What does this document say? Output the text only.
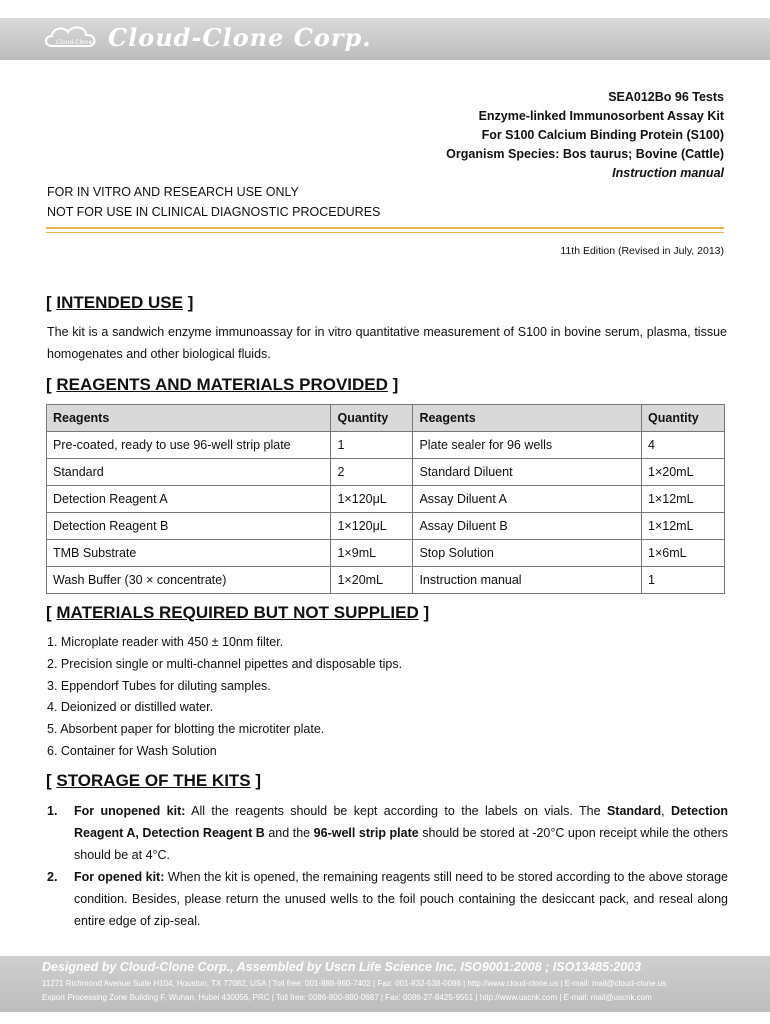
Cloud-Clone Cloud-Clone Corp.
SEA012Bo 96 Tests
Enzyme-linked Immunosorbent Assay Kit
For S100 Calcium Binding Protein (S100)
Organism Species: Bos taurus; Bovine (Cattle)
Instruction manual
FOR IN VITRO AND RESEARCH USE ONLY
NOT FOR USE IN CLINICAL DIAGNOSTIC PROCEDURES
11th Edition (Revised in July, 2013)
[ INTENDED USE ]
The kit is a sandwich enzyme immunoassay for in vitro quantitative measurement of S100 in bovine serum, plasma, tissue homogenates and other biological fluids.
[ REAGENTS AND MATERIALS PROVIDED ]
Reagents	Quantity	Reagents	Quantity
Pre-coated, ready to use 96-well strip plate	1	Plate sealer for 96 wells	4
Standard	2	Standard Diluent	1×20mL
Detection Reagent A	1×120μL	Assay Diluent A	1×12mL
Detection Reagent B	1×120μL	Assay Diluent B	1×12mL
TMB Substrate	1×9mL	Stop Solution	1×6mL
Wash Buffer (30 × concentrate)	1×20mL	Instruction manual	1
[ MATERIALS REQUIRED BUT NOT SUPPLIED ]
1. Microplate reader with 450 ± 10nm filter.
2. Precision single or multi-channel pipettes and disposable tips.
3. Eppendorf Tubes for diluting samples.
4. Deionized or distilled water.
5. Absorbent paper for blotting the microtiter plate.
6. Container for Wash Solution
[ STORAGE OF THE KITS ]
1.	For unopened kit: All the reagents should be kept according to the labels on vials. The Standard, Detection Reagent A, Detection Reagent B and the 96-well strip plate should be stored at -20°C upon receipt while the others should be at 4°C.
2.	For opened kit: When the kit is opened, the remaining reagents still need to be stored according to the above storage condition. Besides, please return the unused wells to the foil pouch containing the desiccant pack, and reseal along entire edge of zip-seal.
Designed by Cloud-Clone Corp., Assembled by Uscn Life Science Inc. ISO9001:2008 ; ISO13485:2003
11271 Richmond Avenue Suite H104, Houston, TX 77082, USA | Toll free: 001-888-960-7402 | Fax: 001-832-538-0086 | http://www.cloud-clone.us | E-mail: mail@cloud-clone.us
Export Processing Zone Building F, Wuhan, Hubei 430056, PRC | Toll free: 0086-800-880-0687 | Fax: 0086-27-8425-9551 | http://www.uscnk.com | E-mail: mail@uscnk.com
